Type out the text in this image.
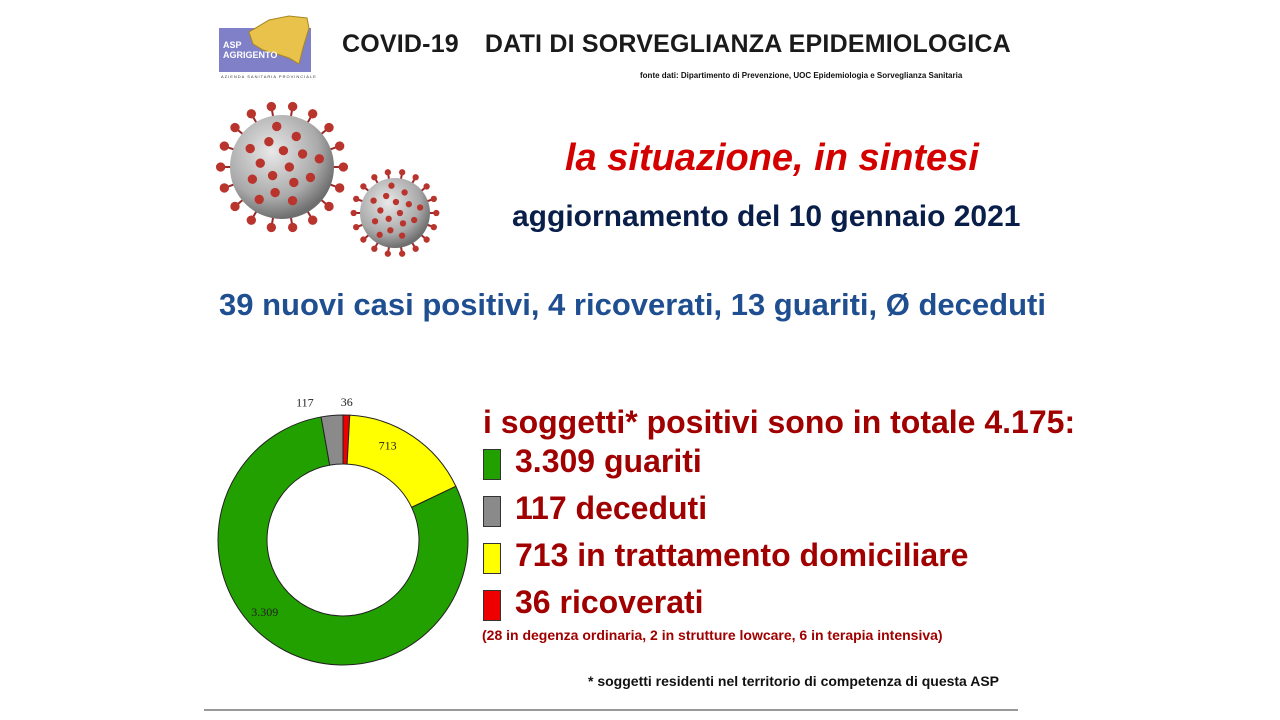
ASP
AGRIGENTO
AZIENDA SANITARIA PROVINCIALE
COVID-19 DATI DI SORVEGLIANZA EPIDEMIOLOGICA
fonte dati: Dipartimento di Prevenzione, UOC Epidemiologia e Sorveglianza Sanitaria
la situazione, in sintesi
aggiornamento del 10 gennaio 2021
39 nuovi casi positivi, 4 ricoverati, 13 guariti, Ø deceduti
36
713
3.309
117
i soggetti* positivi sono in totale 4.175:
3.309 guariti
117 deceduti
713 in trattamento domiciliare
36 ricoverati
(28 in degenza ordinaria, 2 in strutture lowcare, 6 in terapia intensiva)
* soggetti residenti nel territorio di competenza di questa ASP
